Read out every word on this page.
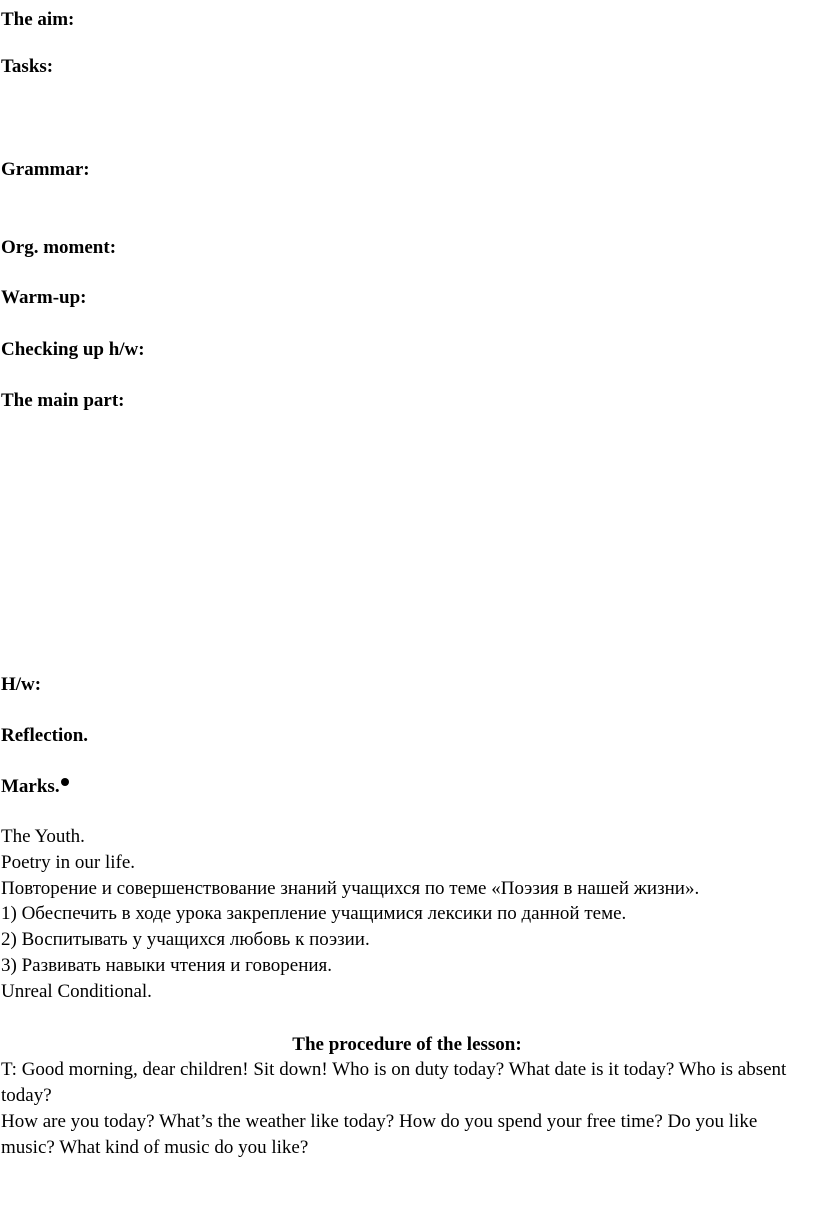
The aim:
Tasks:
Grammar:
Org. moment:
Warm-up:
Checking up h/w:
The main part:
H/w:
Reflection.
Marks.

The Youth.

Poetry in our life.

Повторение и совершенствование знаний учащихся по теме «Поэзия в нашей жизни».

1) Обеспечить в ходе урока закрепление учащимися лексики по данной теме.

2) Воспитывать у учащихся любовь к поэзии.

3) Развивать навыки чтения и говорения.

Unreal Conditional.

The procedure of the lesson:

T: Good morning, dear children! Sit down! Who is on duty today? What date is it today? Who is absent today?

How are you today? What’s the weather like today? How do you spend your free time? Do you like music? What kind of music do you like?
